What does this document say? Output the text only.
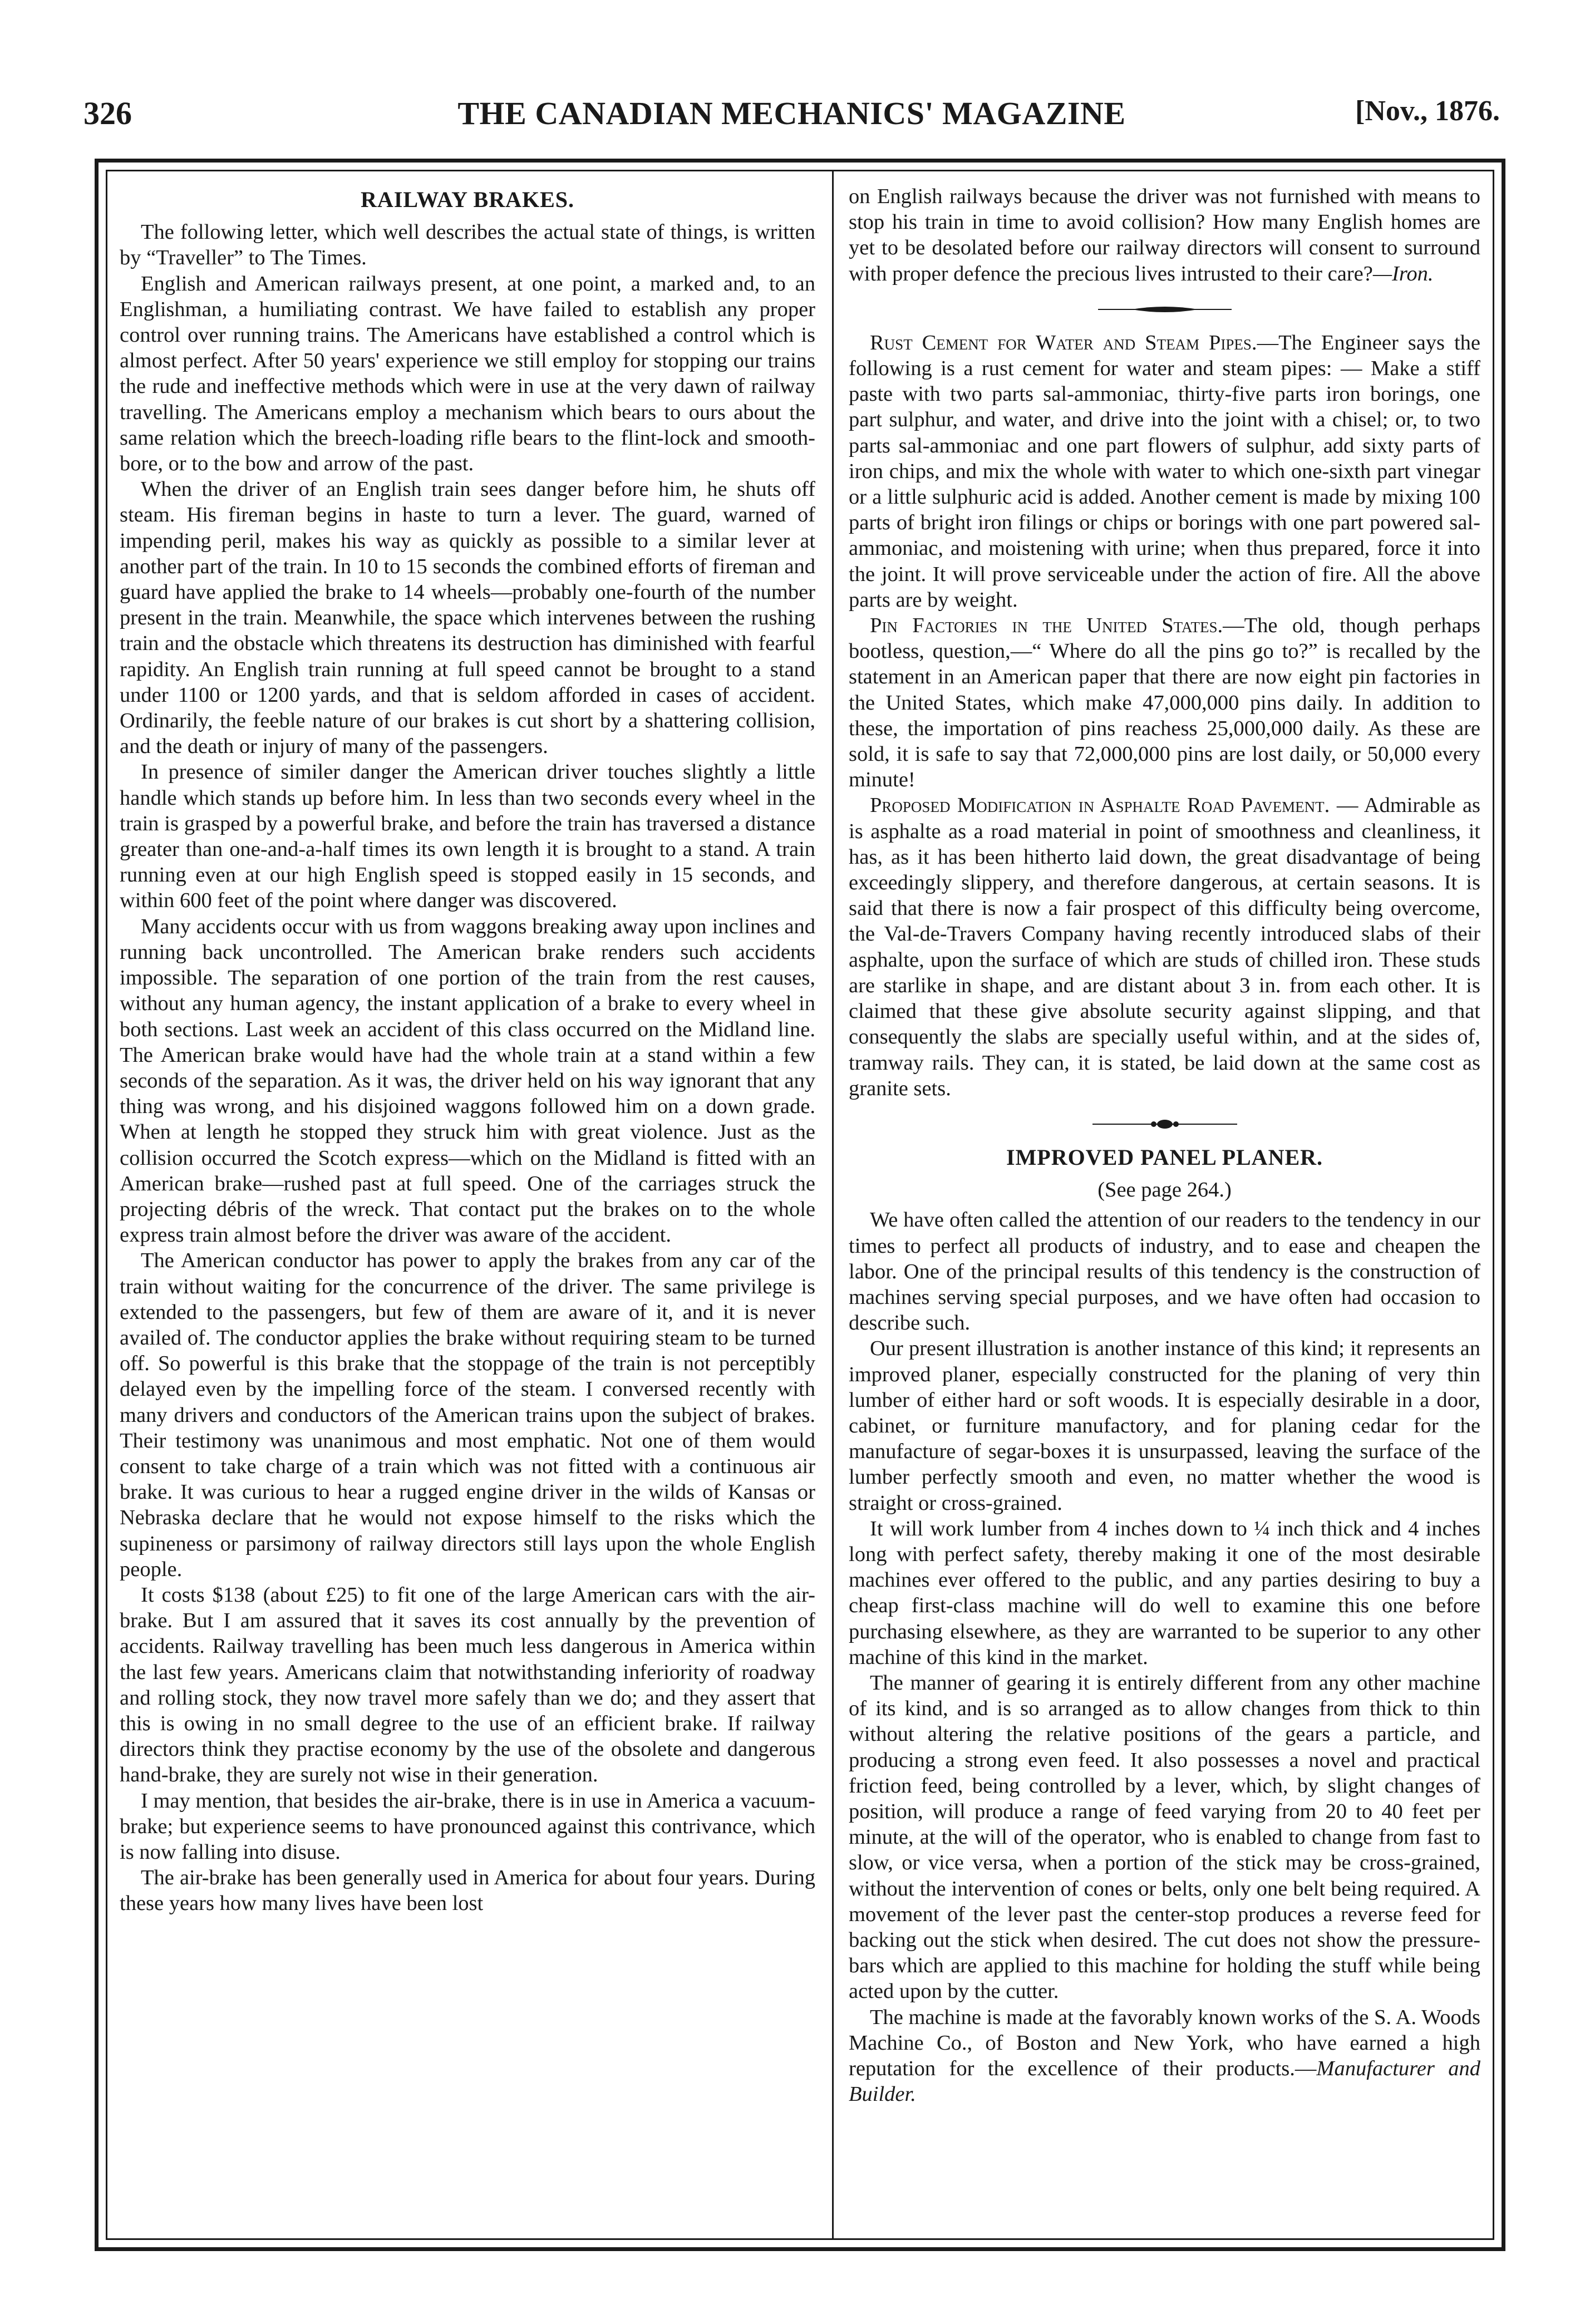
326	THE CANADIAN MECHANICS' MAGAZINE	[Nov., 1876.
RAILWAY BRAKES.

The following letter, which well describes the actual state of things, is written by “Traveller” to The Times.

English and American railways present, at one point, a marked and, to an Englishman, a humiliating contrast. We have failed to establish any proper control over running trains. The Americans have established a control which is almost perfect. After 50 years' experience we still employ for stopping our trains the rude and ineffective methods which were in use at the very dawn of railway travelling. The Americans employ a mechanism which bears to ours about the same relation which the breech-loading rifle bears to the flint-lock and smooth-bore, or to the bow and arrow of the past.

When the driver of an English train sees danger before him, he shuts off steam. His fireman begins in haste to turn a lever. The guard, warned of impending peril, makes his way as quickly as possible to a similar lever at another part of the train. In 10 to 15 seconds the combined efforts of fireman and guard have applied the brake to 14 wheels—probably one-fourth of the number present in the train. Meanwhile, the space which intervenes between the rushing train and the obstacle which threatens its destruction has diminished with fearful rapidity. An English train running at full speed cannot be brought to a stand under 1100 or 1200 yards, and that is seldom afforded in cases of accident. Ordinarily, the feeble nature of our brakes is cut short by a shattering collision, and the death or injury of many of the passengers.

In presence of similer danger the American driver touches slightly a little handle which stands up before him. In less than two seconds every wheel in the train is grasped by a powerful brake, and before the train has traversed a distance greater than one-and-a-half times its own length it is brought to a stand. A train running even at our high English speed is stopped easily in 15 seconds, and within 600 feet of the point where danger was discovered.

Many accidents occur with us from waggons breaking away upon inclines and running back uncontrolled. The American brake renders such accidents impossible. The separation of one portion of the train from the rest causes, without any human agency, the instant application of a brake to every wheel in both sections. Last week an accident of this class occurred on the Midland line. The American brake would have had the whole train at a stand within a few seconds of the separation. As it was, the driver held on his way ignorant that any thing was wrong, and his disjoined waggons followed him on a down grade. When at length he stopped they struck him with great violence. Just as the collision occurred the Scotch express—which on the Midland is fitted with an American brake—rushed past at full speed. One of the carriages struck the projecting débris of the wreck. That contact put the brakes on to the whole express train almost before the driver was aware of the accident.

The American conductor has power to apply the brakes from any car of the train without waiting for the concurrence of the driver. The same privilege is extended to the passengers, but few of them are aware of it, and it is never availed of. The conductor applies the brake without requiring steam to be turned off. So powerful is this brake that the stoppage of the train is not perceptibly delayed even by the impelling force of the steam. I conversed recently with many drivers and conductors of the American trains upon the subject of brakes. Their testimony was unanimous and most emphatic. Not one of them would consent to take charge of a train which was not fitted with a continuous air brake. It was curious to hear a rugged engine driver in the wilds of Kansas or Nebraska declare that he would not expose himself to the risks which the supineness or parsimony of railway directors still lays upon the whole English people.

It costs $138 (about £25) to fit one of the large American cars with the air-brake. But I am assured that it saves its cost annually by the prevention of accidents. Railway travelling has been much less dangerous in America within the last few years. Americans claim that notwithstanding inferiority of roadway and rolling stock, they now travel more safely than we do; and they assert that this is owing in no small degree to the use of an efficient brake. If railway directors think they practise economy by the use of the obsolete and dangerous hand-brake, they are surely not wise in their generation.

I may mention, that besides the air-brake, there is in use in America a vacuum-brake; but experience seems to have pronounced against this contrivance, which is now falling into disuse.

The air-brake has been generally used in America for about four years. During these years how many lives have been lost

on English railways because the driver was not furnished with means to stop his train in time to avoid collision? How many English homes are yet to be desolated before our railway directors will consent to surround with proper defence the precious lives intrusted to their care?—Iron.

Rust Cement for Water and Steam Pipes.—The Engineer says the following is a rust cement for water and steam pipes: — Make a stiff paste with two parts sal-ammoniac, thirty-five parts iron borings, one part sulphur, and water, and drive into the joint with a chisel; or, to two parts sal-ammoniac and one part flowers of sulphur, add sixty parts of iron chips, and mix the whole with water to which one-sixth part vinegar or a little sulphuric acid is added. Another cement is made by mixing 100 parts of bright iron filings or chips or borings with one part powered sal-ammoniac, and moistening with urine; when thus prepared, force it into the joint. It will prove serviceable under the action of fire. All the above parts are by weight.

Pin Factories in the United States.—The old, though perhaps bootless, question,—“ Where do all the pins go to?” is recalled by the statement in an American paper that there are now eight pin factories in the United States, which make 47,000,000 pins daily. In addition to these, the importation of pins reachess 25,000,000 daily. As these are sold, it is safe to say that 72,000,000 pins are lost daily, or 50,000 every minute!

Proposed Modification in Asphalte Road Pavement. — Admirable as is asphalte as a road material in point of smoothness and cleanliness, it has, as it has been hitherto laid down, the great disadvantage of being exceedingly slippery, and therefore dangerous, at certain seasons. It is said that there is now a fair prospect of this difficulty being overcome, the Val-de-Travers Company having recently introduced slabs of their asphalte, upon the surface of which are studs of chilled iron. These studs are starlike in shape, and are distant about 3 in. from each other. It is claimed that these give absolute security against slipping, and that consequently the slabs are specially useful within, and at the sides of, tramway rails. They can, it is stated, be laid down at the same cost as granite sets.

IMPROVED PANEL PLANER.
(See page 264.)

We have often called the attention of our readers to the tendency in our times to perfect all products of industry, and to ease and cheapen the labor. One of the principal results of this tendency is the construction of machines serving special purposes, and we have often had occasion to describe such.

Our present illustration is another instance of this kind; it represents an improved planer, especially constructed for the planing of very thin lumber of either hard or soft woods. It is especially desirable in a door, cabinet, or furniture manufactory, and for planing cedar for the manufacture of segar-boxes it is unsurpassed, leaving the surface of the lumber perfectly smooth and even, no matter whether the wood is straight or cross-grained.

It will work lumber from 4 inches down to ¼ inch thick and 4 inches long with perfect safety, thereby making it one of the most desirable machines ever offered to the public, and any parties desiring to buy a cheap first-class machine will do well to examine this one before purchasing elsewhere, as they are warranted to be superior to any other machine of this kind in the market.

The manner of gearing it is entirely different from any other machine of its kind, and is so arranged as to allow changes from thick to thin without altering the relative positions of the gears a particle, and producing a strong even feed. It also possesses a novel and practical friction feed, being controlled by a lever, which, by slight changes of position, will produce a range of feed varying from 20 to 40 feet per minute, at the will of the operator, who is enabled to change from fast to slow, or vice versa, when a portion of the stick may be cross-grained, without the intervention of cones or belts, only one belt being required. A movement of the lever past the center-stop produces a reverse feed for backing out the stick when desired. The cut does not show the pressure-bars which are applied to this machine for holding the stuff while being acted upon by the cutter.

The machine is made at the favorably known works of the S. A. Woods Machine Co., of Boston and New York, who have earned a high reputation for the excellence of their products.—Manufacturer and Builder.
